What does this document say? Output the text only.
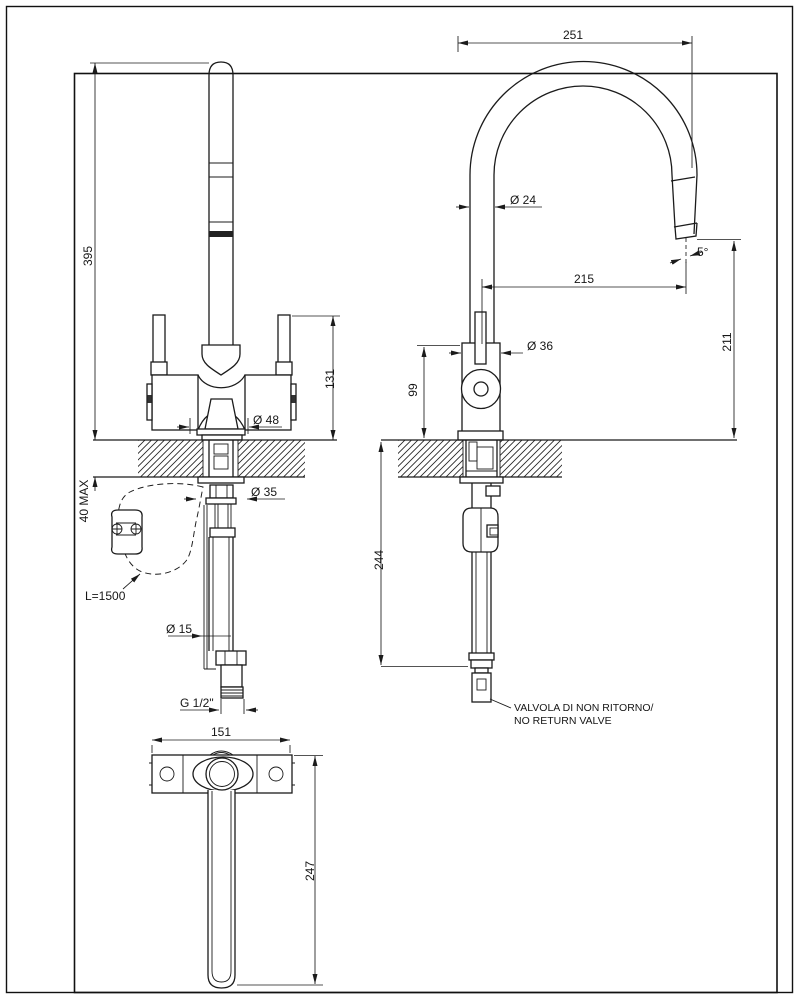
395
40 MAX
131
Ø 48
Ø 35
L=1500
Ø 15
G 1/2"
151
247
251
Ø 24
5°
215
211
Ø 36
99
244
VALVOLA DI NON RITORNO/
NO RETURN VALVE
